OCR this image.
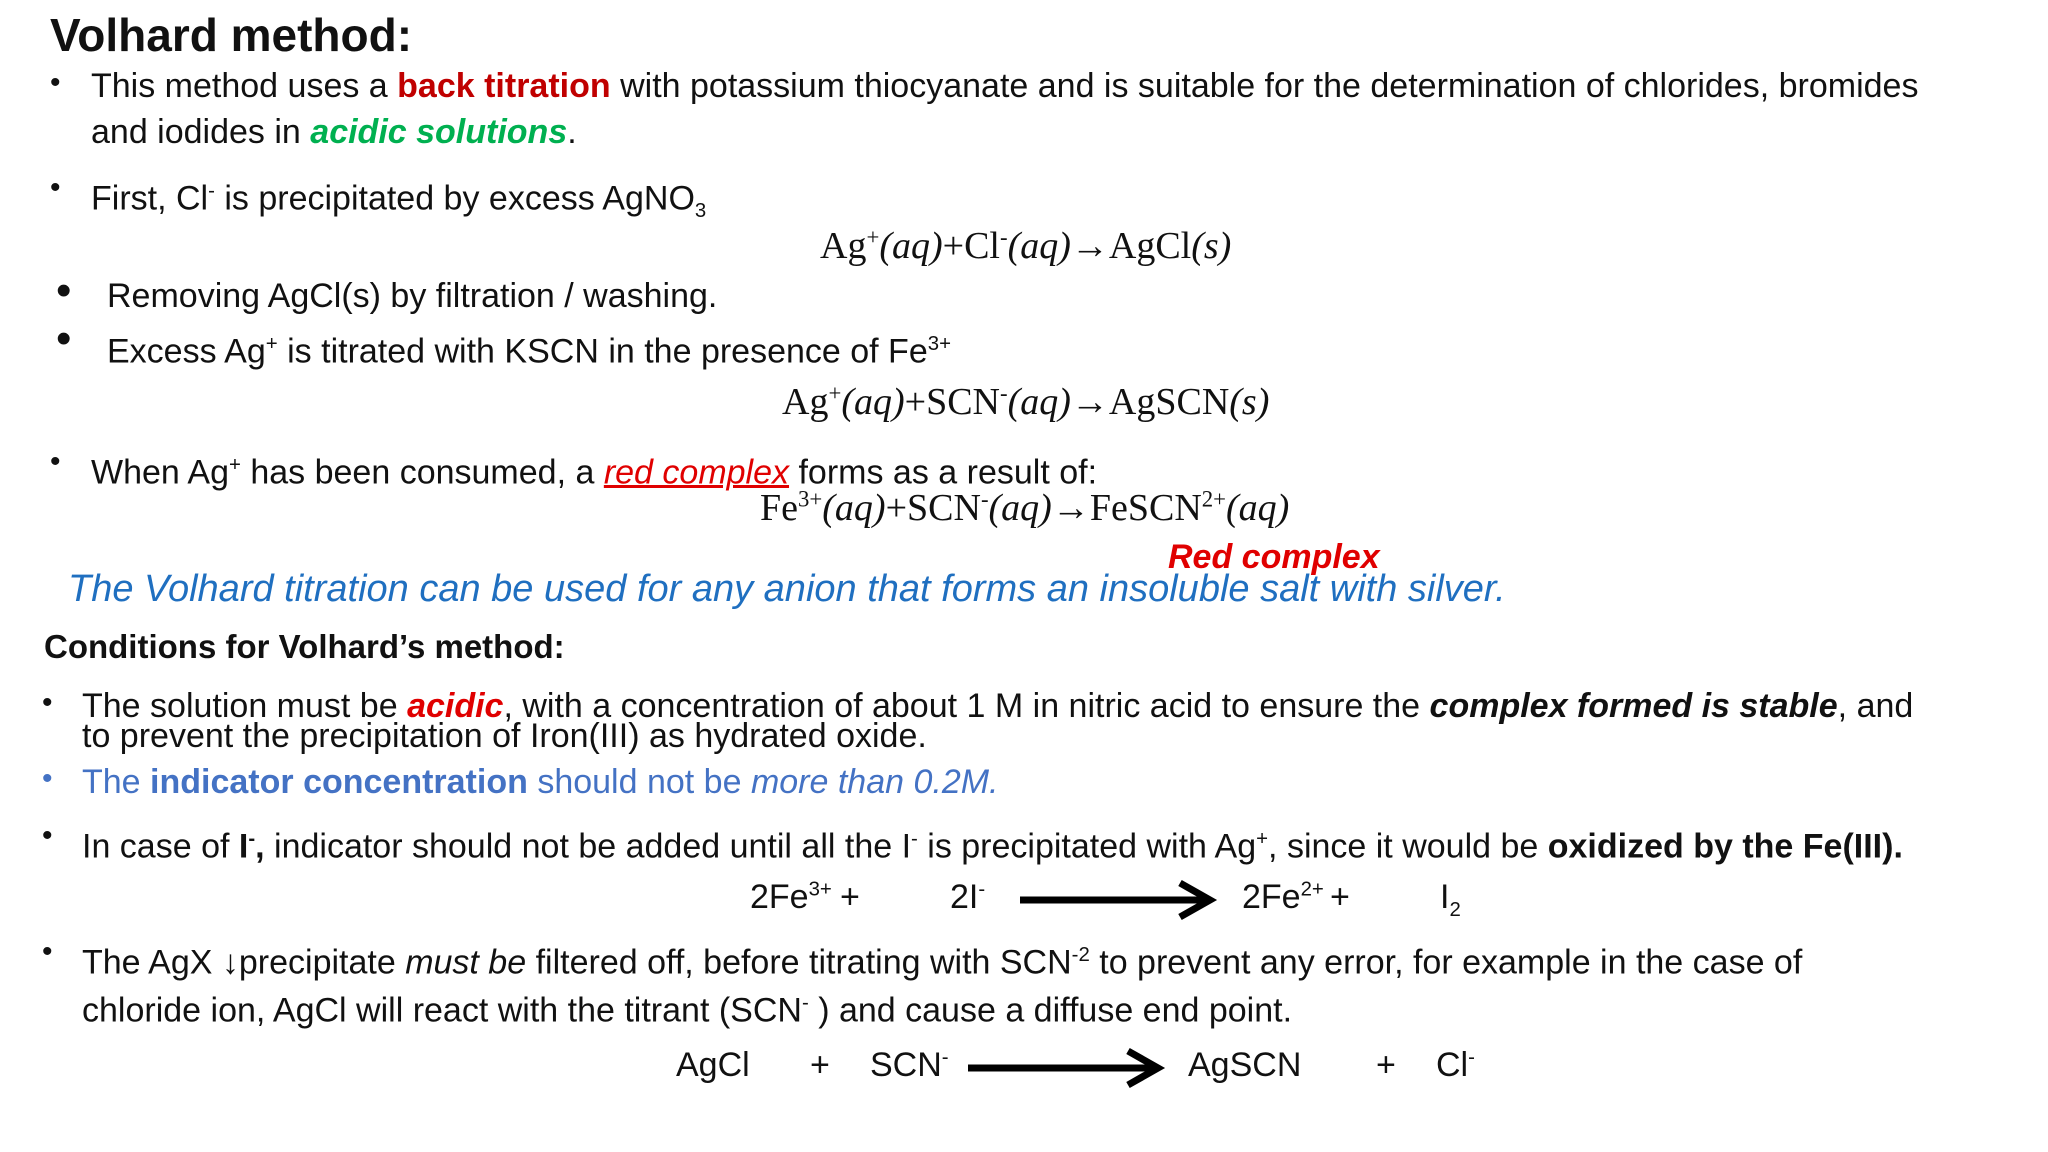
Volhard method:
• This method uses a back titration with potassium thiocyanate and is suitable for the determination of chlorides, bromides
and iodides in acidic solutions.
• First, Cl- is precipitated by excess AgNO$_3$
Ag+(aq)+Cl-(aq)→AgCl(s)
• Removing AgCl(s) by filtration / washing.
• Excess Ag+ is titrated with KSCN in the presence of $Fe^{3+}$
Ag+(aq)+SCN-(aq)→AgSCN(s)
• When Ag+ has been consumed, a red complex forms as a result of:
$Fe^{3+}(aq)+SCN^-(aq)\to FeSCN^{2+}(aq)$
Red complex
The Volhard titration can be used for any anion that forms an insoluble salt with silver.
Conditions for Volhard’s method:
• The solution must be acidic, with a concentration of about 1 M in nitric acid to ensure the complex formed is stable, and
to prevent the precipitation of Iron(III) as hydrated oxide.
• The indicator concentration should not be more than 0.2M.
• In case of I-, indicator should not be added until all the I- is precipitated with Ag+, since it would be oxidized by the Fe(III).
$2Fe^{3+}$ +	2I-	$2Fe^{2+}$ +	$I_2$
• The AgX ↓precipitate must be filtered off, before titrating with $SCN^{-2}$ to prevent any error, for example in the case of
chloride ion, AgCl will react with the titrant (SCN- ) and cause a diffuse end point.
AgCl + SCN-	AgSCN + Cl-
